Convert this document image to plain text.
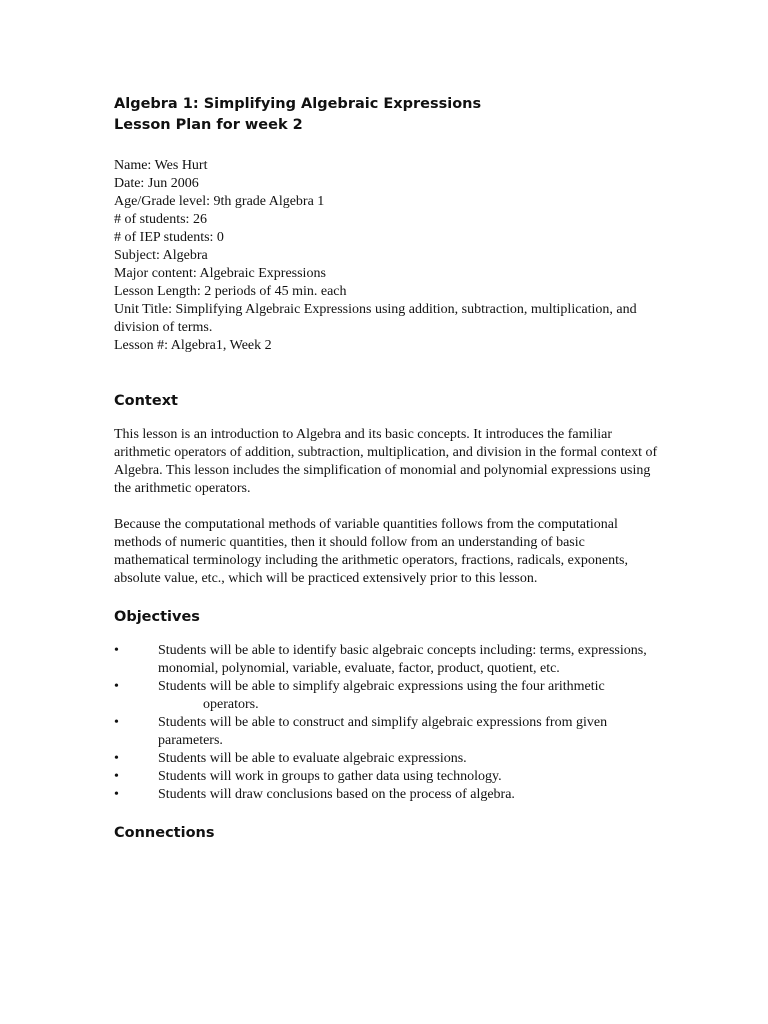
Algebra 1: Simplifying Algebraic Expressions
Lesson Plan for week 2
Name: Wes Hurt
Date: Jun 2006
Age/Grade level: 9th grade Algebra 1
# of students: 26
# of IEP students: 0
Subject: Algebra
Major content: Algebraic Expressions
Lesson Length: 2 periods of 45 min. each
Unit Title: Simplifying Algebraic Expressions using addition, subtraction, multiplication, and division of terms.
Lesson #: Algebra1, Week 2
Context

This lesson is an introduction to Algebra and its basic concepts. It introduces the familiar arithmetic operators of addition, subtraction, multiplication, and division in the formal context of Algebra. This lesson includes the simplification of monomial and polynomial expressions using the arithmetic operators.

Because the computational methods of variable quantities follows from the computational methods of numeric quantities, then it should follow from an understanding of basic mathematical terminology including the arithmetic operators, fractions, radicals, exponents, absolute value, etc., which will be practiced extensively prior to this lesson.

Objectives
•	Students will be able to identify basic algebraic concepts including: terms, expressions, monomial, polynomial, variable, evaluate, factor, product, quotient, etc.
•	Students will be able to simplify algebraic expressions using the four arithmetic
operators.
•	Students will be able to construct and simplify algebraic expressions from given parameters.
•	Students will be able to evaluate algebraic expressions.
•	Students will work in groups to gather data using technology.
•	Students will draw conclusions based on the process of algebra.
Connections
